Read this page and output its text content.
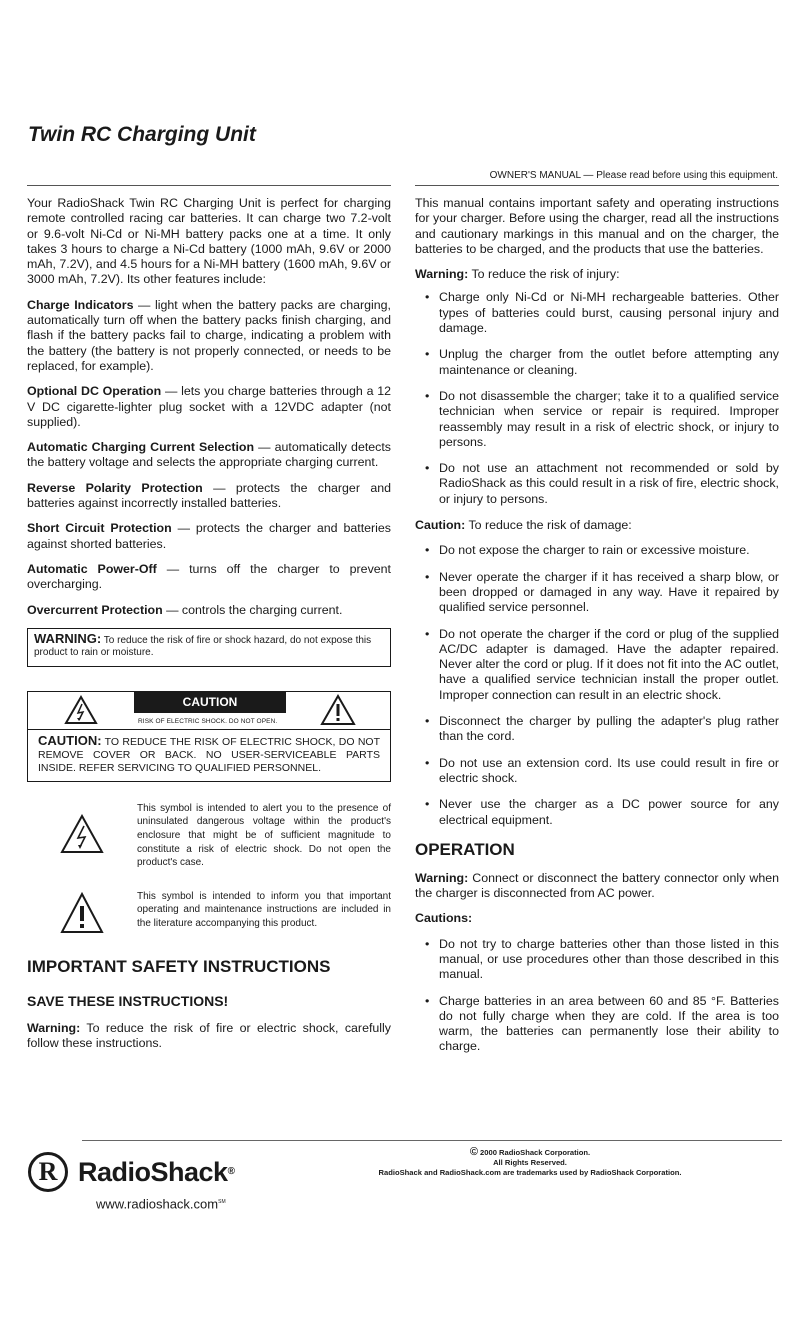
Twin RC Charging Unit
OWNER'S MANUAL — Please read before using this equipment.

Your RadioShack Twin RC Charging Unit is perfect for charging remote controlled racing car batteries. It can charge two 7.2-volt or 9.6-volt Ni-Cd or Ni-MH battery packs one at a time. It only takes 3 hours to charge a Ni-Cd battery (1000 mAh, 9.6V or 2000 mAh, 7.2V), and 4.5 hours for a Ni-MH battery (1600 mAh, 9.6V or 3000 mAh, 7.2V). Its other features include:

Charge Indicators — light when the battery packs are charging, automatically turn off when the battery packs finish charging, and flash if the battery packs fail to charge, indicating a problem with the battery (the battery is not properly connected, or needs to be replaced, for example).

Optional DC Operation — lets you charge batteries through a 12 V DC cigarette-lighter plug socket with a 12VDC adapter (not supplied).

Automatic Charging Current Selection — automatically detects the battery voltage and selects the appropriate charging current.

Reverse Polarity Protection — protects the charger and batteries against incorrectly installed batteries.

Short Circuit Protection — protects the charger and batteries against shorted batteries.

Automatic Power-Off — turns off the charger to prevent overcharging.

Overcurrent Protection — controls the charging current.

WARNING: To reduce the risk of fire or shock hazard, do not expose this product to rain or moisture.
CAUTION
RISK OF ELECTRIC SHOCK. DO NOT OPEN.
CAUTION: TO REDUCE THE RISK OF ELECTRIC SHOCK, DO NOT REMOVE COVER OR BACK. NO USER-SERVICEABLE PARTS INSIDE. REFER SERVICING TO QUALIFIED PERSONNEL.
This symbol is intended to alert you to the presence of uninsulated dangerous voltage within the product's enclosure that might be of sufficient magnitude to constitute a risk of electric shock. Do not open the product's case.
This symbol is intended to inform you that important operating and maintenance instructions are included in the literature accompanying this product.
IMPORTANT SAFETY INSTRUCTIONS
SAVE THESE INSTRUCTIONS!

Warning: To reduce the risk of fire or electric shock, carefully follow these instructions.

This manual contains important safety and operating instructions for your charger. Before using the charger, read all the instructions and cautionary markings in this manual and on the charger, the batteries to be charged, and the products that use the batteries.

Warning: To reduce the risk of injury:

• Charge only Ni-Cd or Ni-MH rechargeable batteries. Other types of batteries could burst, causing personal injury and damage.
• Unplug the charger from the outlet before attempting any maintenance or cleaning.
• Do not disassemble the charger; take it to a qualified service technician when service or repair is required. Improper reassembly may result in a risk of electric shock, or injury to persons.
• Do not use an attachment not recommended or sold by RadioShack as this could result in a risk of fire, electric shock, or injury to persons.

Caution: To reduce the risk of damage:

• Do not expose the charger to rain or excessive moisture.
• Never operate the charger if it has received a sharp blow, or been dropped or damaged in any way. Have it repaired by qualified service personnel.
• Do not operate the charger if the cord or plug of the supplied AC/DC adapter is damaged. Have the adapter repaired. Never alter the cord or plug. If it does not fit into the AC outlet, have a qualified service technician install the proper outlet. Improper connection can result in an electric shock.
• Disconnect the charger by pulling the adapter's plug rather than the cord.
• Do not use an extension cord. Its use could result in fire or electric shock.
• Never use the charger as a DC power source for any electrical equipment.
OPERATION

Warning: Connect or disconnect the battery connector only when the charger is disconnected from AC power.

Cautions:

• Do not try to charge batteries other than those listed in this manual, or use procedures other than those described in this manual.
• Charge batteries in an area between 60 and 85 °F. Batteries do not fully charge when they are cold. If the area is too warm, the batteries can permanently lose their ability to charge.
R RadioShack®
www.radioshack.com℠
© 2000 RadioShack Corporation.
All Rights Reserved.
RadioShack and RadioShack.com are trademarks used by RadioShack Corporation.
